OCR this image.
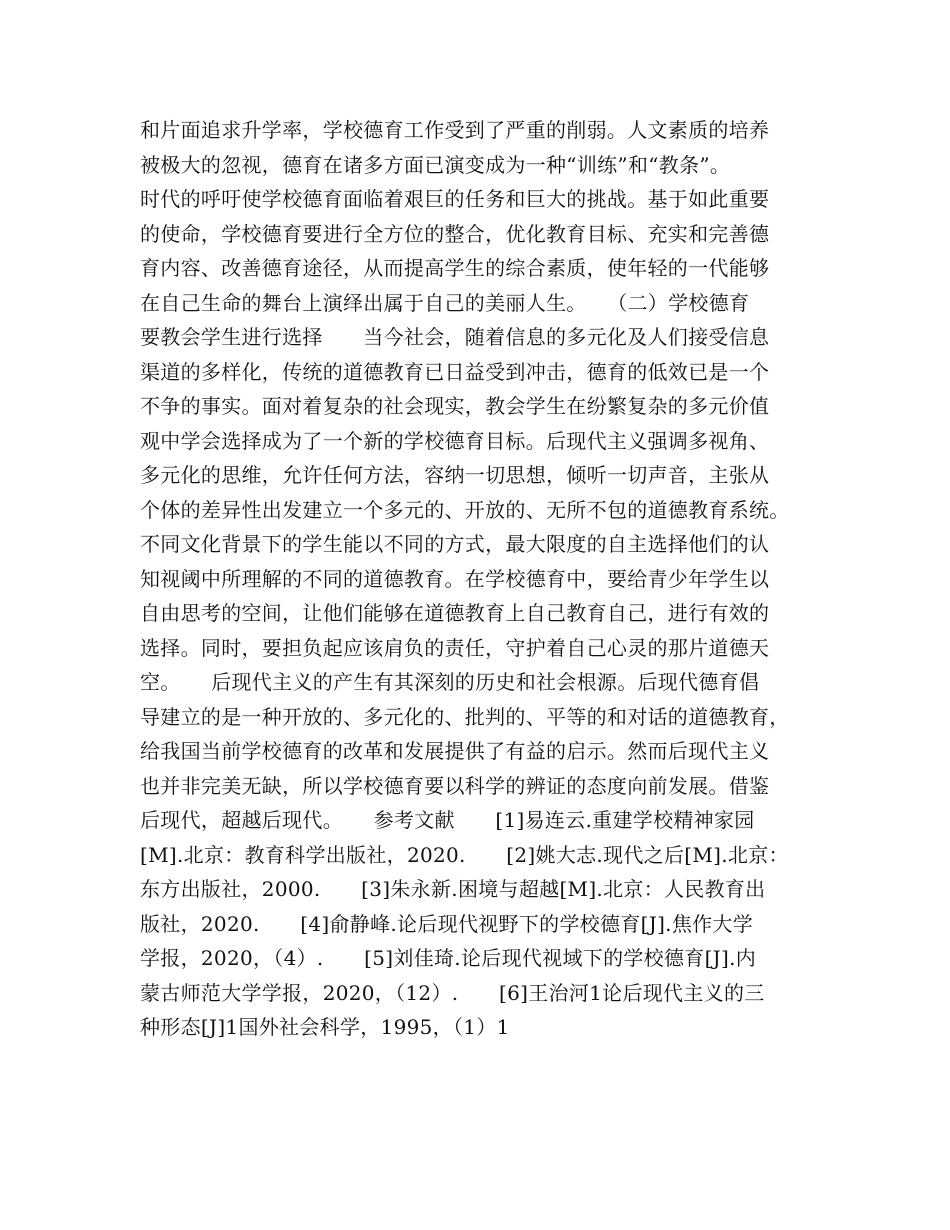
和片面追求升学率，学校德育工作受到了严重的削弱。人文素质的培养
被极大的忽视，德育在诸多方面已演变成为一种“训练”和“教条”。
时代的呼吁使学校德育面临着艰巨的任务和巨大的挑战。基于如此重要
的使命，学校德育要进行全方位的整合，优化教育目标、充实和完善德
育内容、改善德育途径，从而提高学生的综合素质，使年轻的一代能够
在自己生命的舞台上演绎出属于自己的美丽人生。　　（二）学校德育
要教会学生进行选择　　当今社会，随着信息的多元化及人们接受信息
渠道的多样化，传统的道德教育已日益受到冲击，德育的低效已是一个
不争的事实。面对着复杂的社会现实，教会学生在纷繁复杂的多元价值
观中学会选择成为了一个新的学校德育目标。后现代主义强调多视角、
多元化的思维，允许任何方法，容纳一切思想，倾听一切声音，主张从
个体的差异性出发建立一个多元的、开放的、无所不包的道德教育系统。
不同文化背景下的学生能以不同的方式，最大限度的自主选择他们的认
知视阈中所理解的不同的道德教育。在学校德育中，要给青少年学生以
自由思考的空间，让他们能够在道德教育上自己教育自己，进行有效的
选择。同时，要担负起应该肩负的责任，守护着自己心灵的那片道德天
空。　　后现代主义的产生有其深刻的历史和社会根源。后现代德育倡
导建立的是一种开放的、多元化的、批判的、平等的和对话的道德教育，
给我国当前学校德育的改革和发展提供了有益的启示。然而后现代主义
也并非完美无缺，所以学校德育要以科学的辨证的态度向前发展。借鉴
后现代，超越后现代。　　参考文献　　[1]易连云.重建学校精神家园
[M].北京：教育科学出版社，2020.　　[2]姚大志.现代之后[M].北京：
东方出版社，2000.　　[3]朱永新.困境与超越[M].北京：人民教育出
版社，2020.　　[4]俞静峰.论后现代视野下的学校德育[J].焦作大学
学报，2020，（4）.　　[5]刘佳琦.论后现代视域下的学校德育[J].内
蒙古师范大学学报，2020，（12）.　　[6]王治河1论后现代主义的三
种形态[J]1国外社会科学，1995，（1）1
